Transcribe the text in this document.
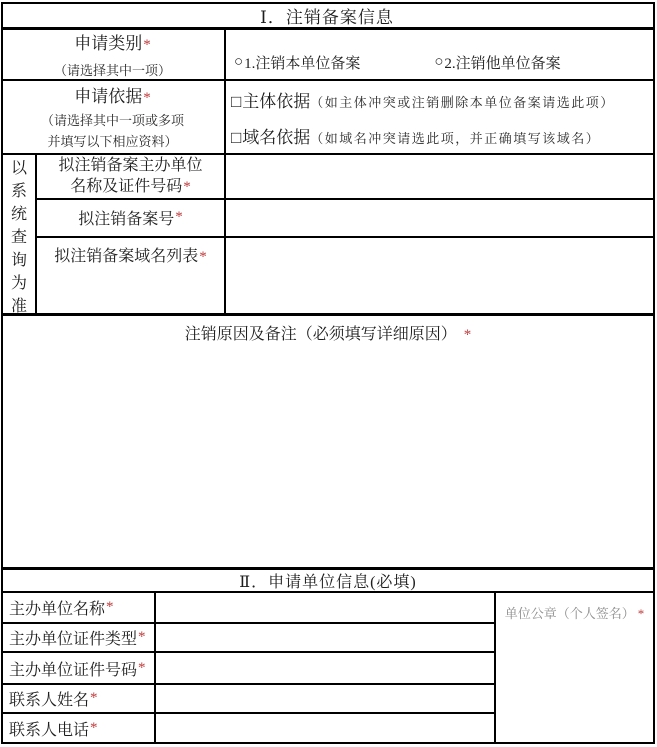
Ⅰ．注销备案信息
申请类别*
（请选择其中一项）
○ 1.注销本单位备案	○ 2.注销他单位备案
申请依据*
（请选择其中一项或多项
并填写以下相应资料）
□ 主体依据 （如主体冲突或注销删除本单位备案请选此项）
□ 域名依据 （如域名冲突请选此项，并正确填写该域名）
以
系
统
查
询
为
准
拟注销备案主办单位
名称及证件号码*
拟注销备案号 *
拟注销备案域名列表*
注销原因及备注（必须填写详细原因） *
Ⅱ．申请单位信息(必填)
主办单位名称 *
主办单位证件类型 *
主办单位证件号码 *
联系人姓名 *
联系人电话 *
单位公章（个人签名） *
